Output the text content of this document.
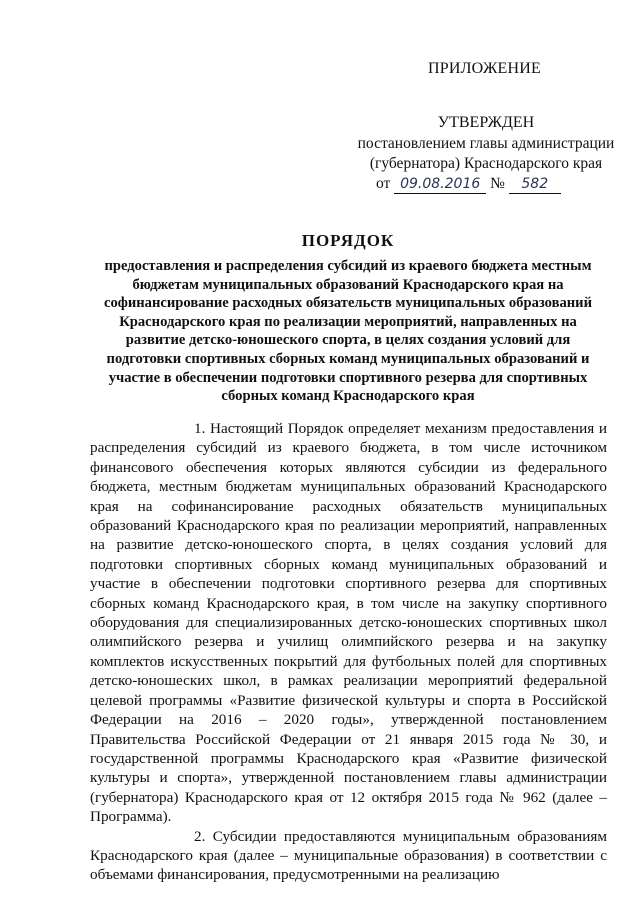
ПРИЛОЖЕНИЕ
УТВЕРЖДЕН
постановлением главы администрации
(губернатора) Краснодарского края
от 09.08.2016 № 582
ПОРЯДОК
предоставления и распределения субсидий из краевого бюджета местным бюджетам муниципальных образований Краснодарского края на софинансирование расходных обязательств муниципальных образований Краснодарского края по реализации мероприятий, направленных на развитие детско-юношеского спорта, в целях создания условий для подготовки спортивных сборных команд муниципальных образований и участие в обеспечении подготовки спортивного резерва для спортивных сборных команд Краснодарского края

1. Настоящий Порядок определяет механизм предоставления и распределения субсидий из краевого бюджета, в том числе источником финансового обеспечения которых являются субсидии из федерального бюджета, местным бюджетам муниципальных образований Краснодарского края на софинансирование расходных обязательств муниципальных образований Краснодарского края по реализации мероприятий, направленных на развитие детско-юношеского спорта, в целях создания условий для подготовки спортивных сборных команд муниципальных образований и участие в обеспечении подготовки спортивного резерва для спортивных сборных команд Краснодарского края, в том числе на закупку спортивного оборудования для специализированных детско-юношеских спортивных школ олимпийского резерва и училищ олимпийского резерва и на закупку комплектов искусственных покрытий для футбольных полей для спортивных детско-юношеских школ, в рамках реализации мероприятий федеральной целевой программы «Развитие физической культуры и спорта в Российской Федерации на 2016 – 2020 годы», утвержденной постановлением Правительства Российской Федерации от 21 января 2015 года № 30, и государственной программы Краснодарского края «Развитие физической культуры и спорта», утвержденной постановлением главы администрации (губернатора) Краснодарского края от 12 октября 2015 года № 962 (далее – Программа).

2. Субсидии предоставляются муниципальным образованиям Краснодарского края (далее – муниципальные образования) в соответствии с объемами финансирования, предусмотренными на реализацию
